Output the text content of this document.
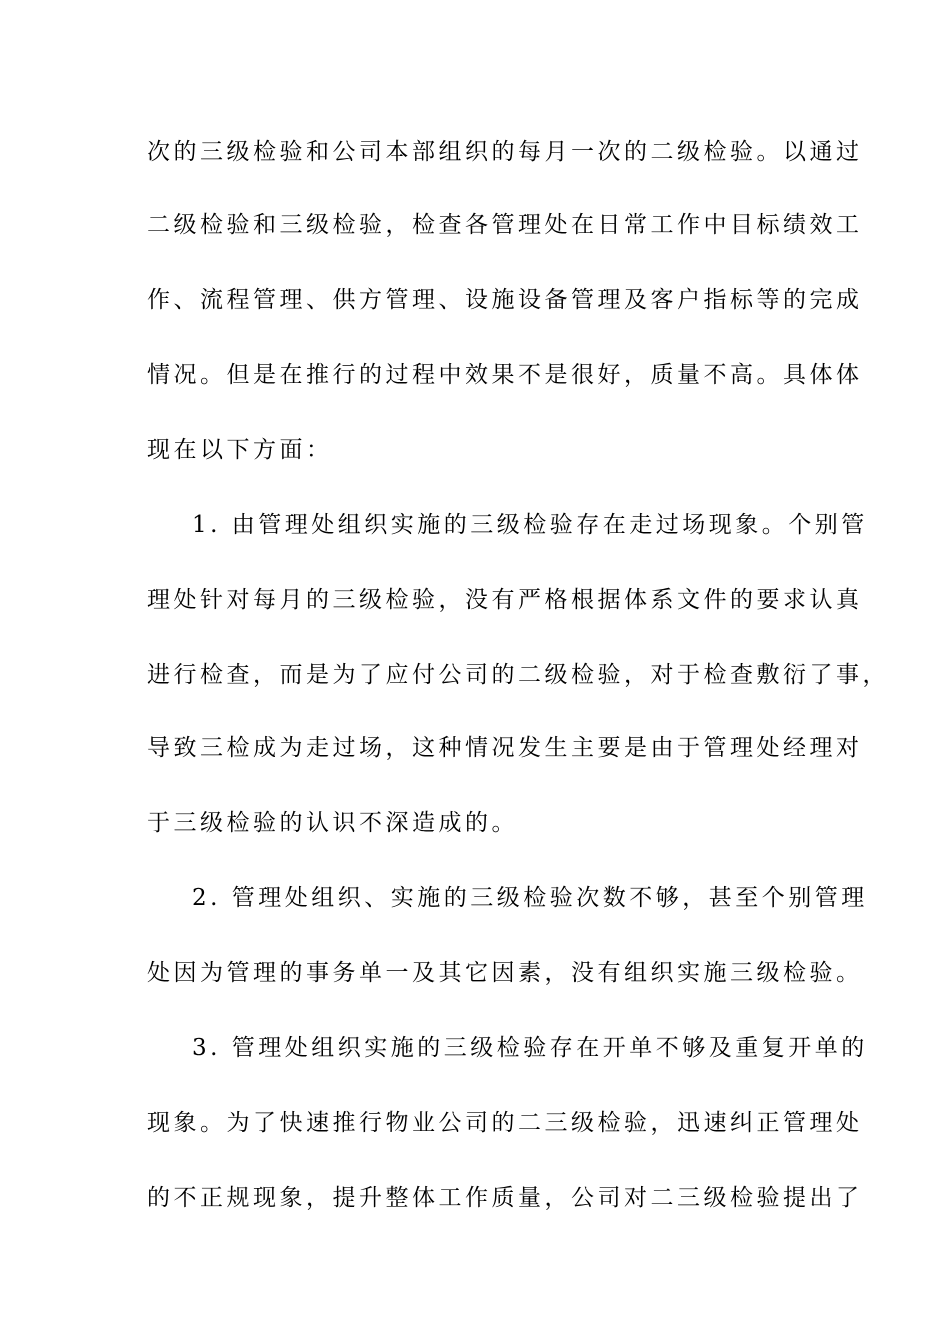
次的三级检验和公司本部组织的每月一次的二级检验。以通过
二级检验和三级检验，检查各管理处在日常工作中目标绩效工
作、流程管理、供方管理、设施设备管理及客户指标等的完成
情况。但是在推行的过程中效果不是很好，质量不高。具体体
现在以下方面：
1. 由管理处组织实施的三级检验存在走过场现象。个别管
理处针对每月的三级检验，没有严格根据体系文件的要求认真
进行检查，而是为了应付公司的二级检验，对于检查敷衍了事，
导致三检成为走过场，这种情况发生主要是由于管理处经理对
于三级检验的认识不深造成的。
2. 管理处组织、实施的三级检验次数不够，甚至个别管理
处因为管理的事务单一及其它因素，没有组织实施三级检验。
3. 管理处组织实施的三级检验存在开单不够及重复开单的
现象。为了快速推行物业公司的二三级检验，迅速纠正管理处
的不正规现象，提升整体工作质量，公司对二三级检验提出了
